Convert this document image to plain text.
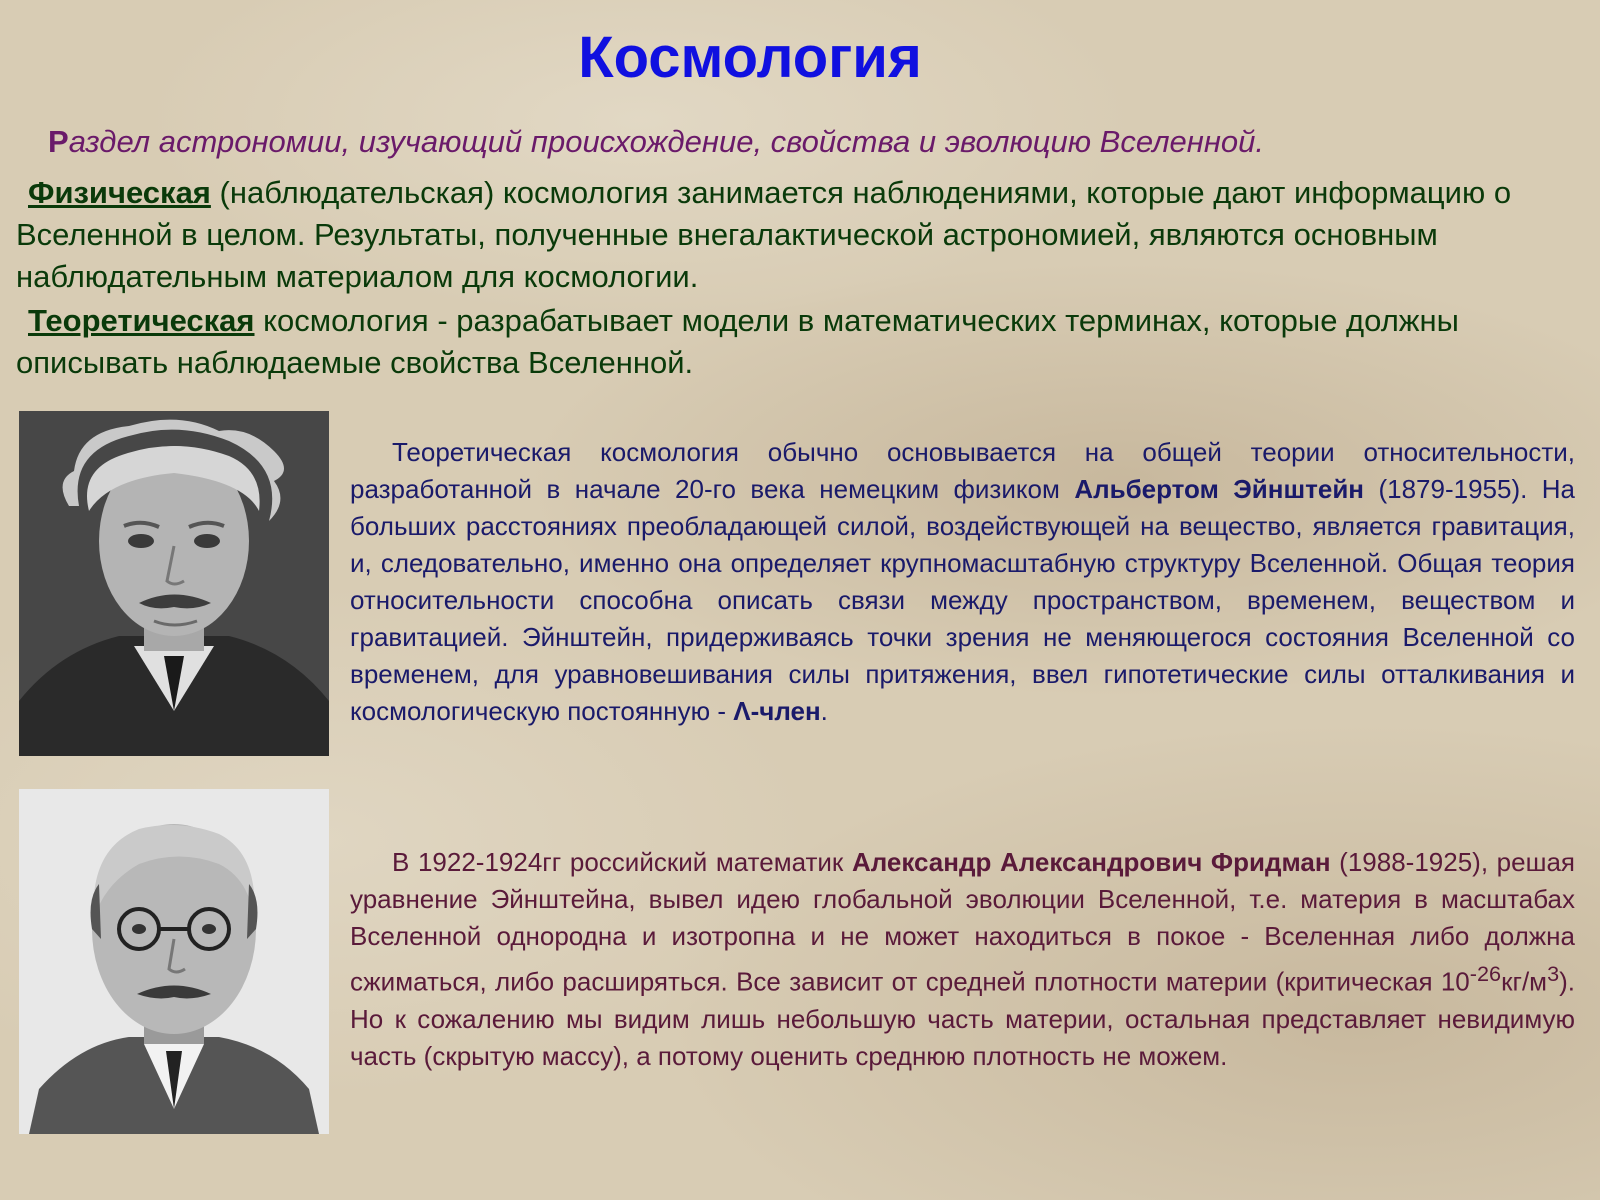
Космология

Раздел астрономии, изучающий происхождение, свойства и эволюцию Вселенной.

Физическая (наблюдательская) космология занимается наблюдениями, которые дают информацию о Вселенной в целом. Результаты, полученные внегалактической астрономией, являются основным наблюдательным материалом для космологии.

Теоретическая космология - разрабатывает модели в математических терминах, которые должны описывать наблюдаемые свойства Вселенной.

Теоретическая космология обычно основывается на общей теории относительности, разработанной в начале 20-го века немецким физиком Альбертом Эйнштейн (1879-1955). На больших расстояниях преобладающей силой, воздействующей на вещество, является гравитация, и, следовательно, именно она определяет крупномасштабную структуру Вселенной. Общая теория относительности способна описать связи между пространством, временем, веществом и гравитацией. Эйнштейн, придерживаясь точки зрения не меняющегося состояния Вселенной со временем, для уравновешивания силы притяжения, ввел гипотетические силы отталкивания и космологическую постоянную - Λ-член.

В 1922-1924гг российский математик Александр Александрович Фридман (1988-1925), решая уравнение Эйнштейна, вывел идею глобальной эволюции Вселенной, т.е. материя в масштабах Вселенной однородна и изотропна и не может находиться в покое - Вселенная либо должна сжиматься, либо расширяться. Все зависит от средней плотности материи (критическая $10^{-26}кг/м^3$). Но к сожалению мы видим лишь небольшую часть материи, остальная представляет невидимую часть (скрытую массу), а потому оценить среднюю плотность не можем.
